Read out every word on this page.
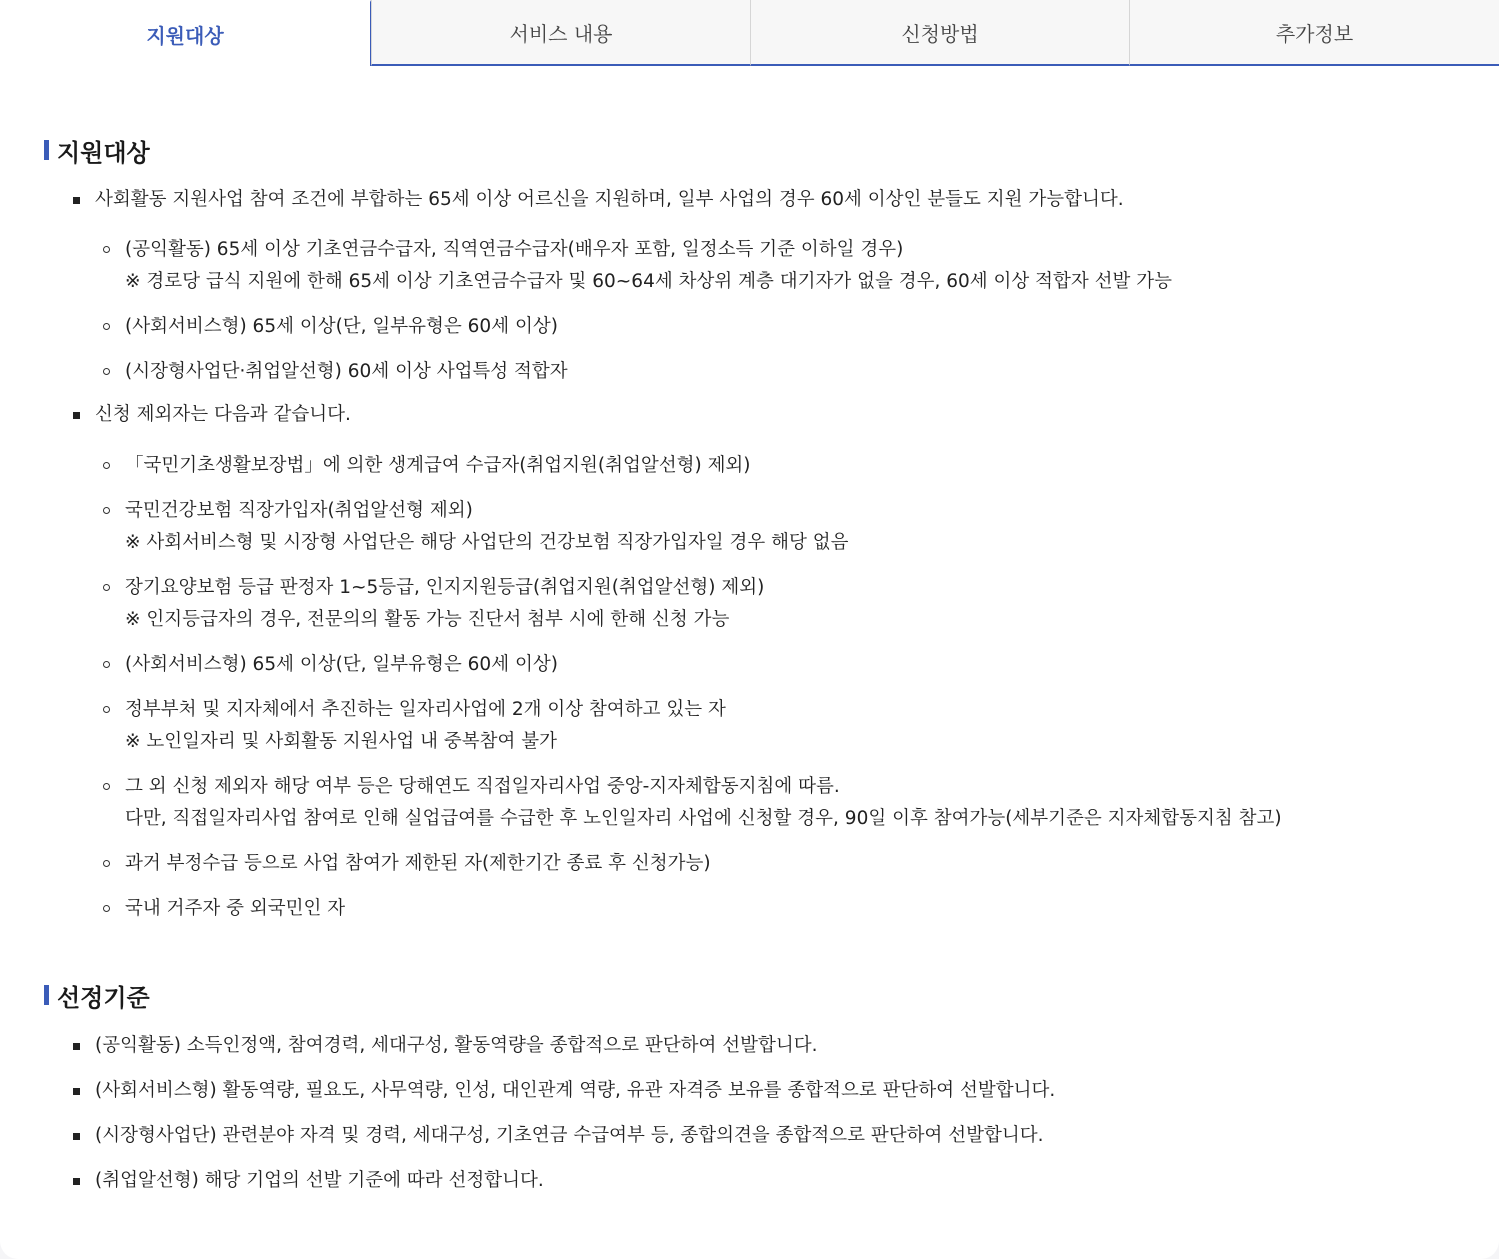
지원대상	서비스 내용	신청방법	추가정보
지원대상
사회활동 지원사업 참여 조건에 부합하는 65세 이상 어르신을 지원하며, 일부 사업의 경우 60세 이상인 분들도 지원 가능합니다.
(공익활동) 65세 이상 기초연금수급자, 직역연금수급자(배우자 포함, 일정소득 기준 이하일 경우)
※ 경로당 급식 지원에 한해 65세 이상 기초연금수급자 및 60~64세 차상위 계층 대기자가 없을 경우, 60세 이상 적합자 선발 가능
(사회서비스형) 65세 이상(단, 일부유형은 60세 이상)
(시장형사업단·취업알선형) 60세 이상 사업특성 적합자
신청 제외자는 다음과 같습니다.
「국민기초생활보장법」에 의한 생계급여 수급자(취업지원(취업알선형) 제외)
국민건강보험 직장가입자(취업알선형 제외)
※ 사회서비스형 및 시장형 사업단은 해당 사업단의 건강보험 직장가입자일 경우 해당 없음
장기요양보험 등급 판정자 1~5등급, 인지지원등급(취업지원(취업알선형) 제외)
※ 인지등급자의 경우, 전문의의 활동 가능 진단서 첨부 시에 한해 신청 가능
(사회서비스형) 65세 이상(단, 일부유형은 60세 이상)
정부부처 및 지자체에서 추진하는 일자리사업에 2개 이상 참여하고 있는 자
※ 노인일자리 및 사회활동 지원사업 내 중복참여 불가
그 외 신청 제외자 해당 여부 등은 당해연도 직접일자리사업 중앙-지자체합동지침에 따름.
다만, 직접일자리사업 참여로 인해 실업급여를 수급한 후 노인일자리 사업에 신청할 경우, 90일 이후 참여가능(세부기준은 지자체합동지침 참고)
과거 부정수급 등으로 사업 참여가 제한된 자(제한기간 종료 후 신청가능)
국내 거주자 중 외국민인 자
선정기준
(공익활동) 소득인정액, 참여경력, 세대구성, 활동역량을 종합적으로 판단하여 선발합니다.
(사회서비스형) 활동역량, 필요도, 사무역량, 인성, 대인관계 역량, 유관 자격증 보유를 종합적으로 판단하여 선발합니다.
(시장형사업단) 관련분야 자격 및 경력, 세대구성, 기초연금 수급여부 등, 종합의견을 종합적으로 판단하여 선발합니다.
(취업알선형) 해당 기업의 선발 기준에 따라 선정합니다.
